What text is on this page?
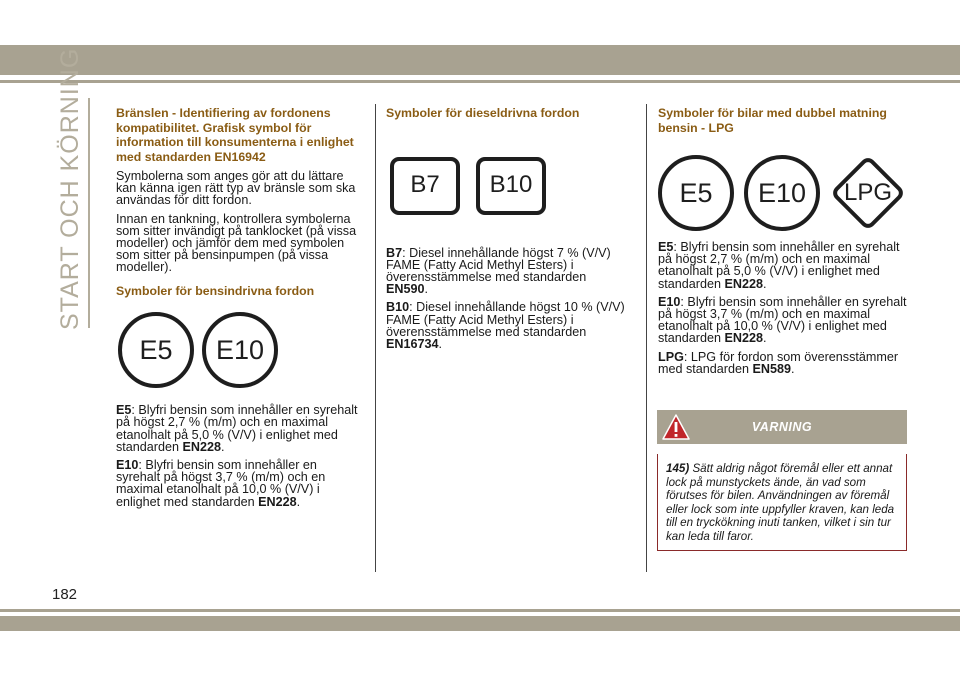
START OCH KÖRNING	Bränslen - Identifiering av fordonens kompatibilitet. Grafisk symbol för information till konsumenterna i enlighet med standarden EN16942
Symbolerna som anges gör att du lättare kan känna igen rätt typ av bränsle som ska användas för ditt fordon.
Innan en tankning, kontrollera symbolerna som sitter invändigt på tanklocket (på vissa modeller) och jämför dem med symbolen som sitter på bensinpumpen (på vissa modeller).
Symboler för bensindrivna fordon
E5	E10
E5: Blyfri bensin som innehåller en syrehalt på högst 2,7 % (m/m) och en maximal etanolhalt på 5,0 % (V/V) i enlighet med standarden EN228.
E10: Blyfri bensin som innehåller en syrehalt på högst 3,7 % (m/m) och en maximal etanolhalt på 10,0 % (V/V) i enlighet med standarden EN228.
Symboler för dieseldrivna fordon
B7	B10
B7: Diesel innehållande högst 7 % (V/V) FAME (Fatty Acid Methyl Esters) i överensstämmelse med standarden EN590.
B10: Diesel innehållande högst 10 % (V/V) FAME (Fatty Acid Methyl Esters) i överensstämmelse med standarden EN16734.
Symboler för bilar med dubbel matning bensin - LPG
E5	E10	LPG
E5: Blyfri bensin som innehåller en syrehalt på högst 2,7 % (m/m) och en maximal etanolhalt på 5,0 % (V/V) i enlighet med standarden EN228.
E10: Blyfri bensin som innehåller en syrehalt på högst 3,7 % (m/m) och en maximal etanolhalt på 10,0 % (V/V) i enlighet med standarden EN228.
LPG: LPG för fordon som överensstämmer med standarden EN589.
VARNING
145) Sätt aldrig något föremål eller ett annat lock på munstyckets ände, än vad som förutses för bilen. Användningen av föremål eller lock som inte uppfyller kraven, kan leda till en tryckökning inuti tanken, vilket i sin tur kan leda till faror.
182
